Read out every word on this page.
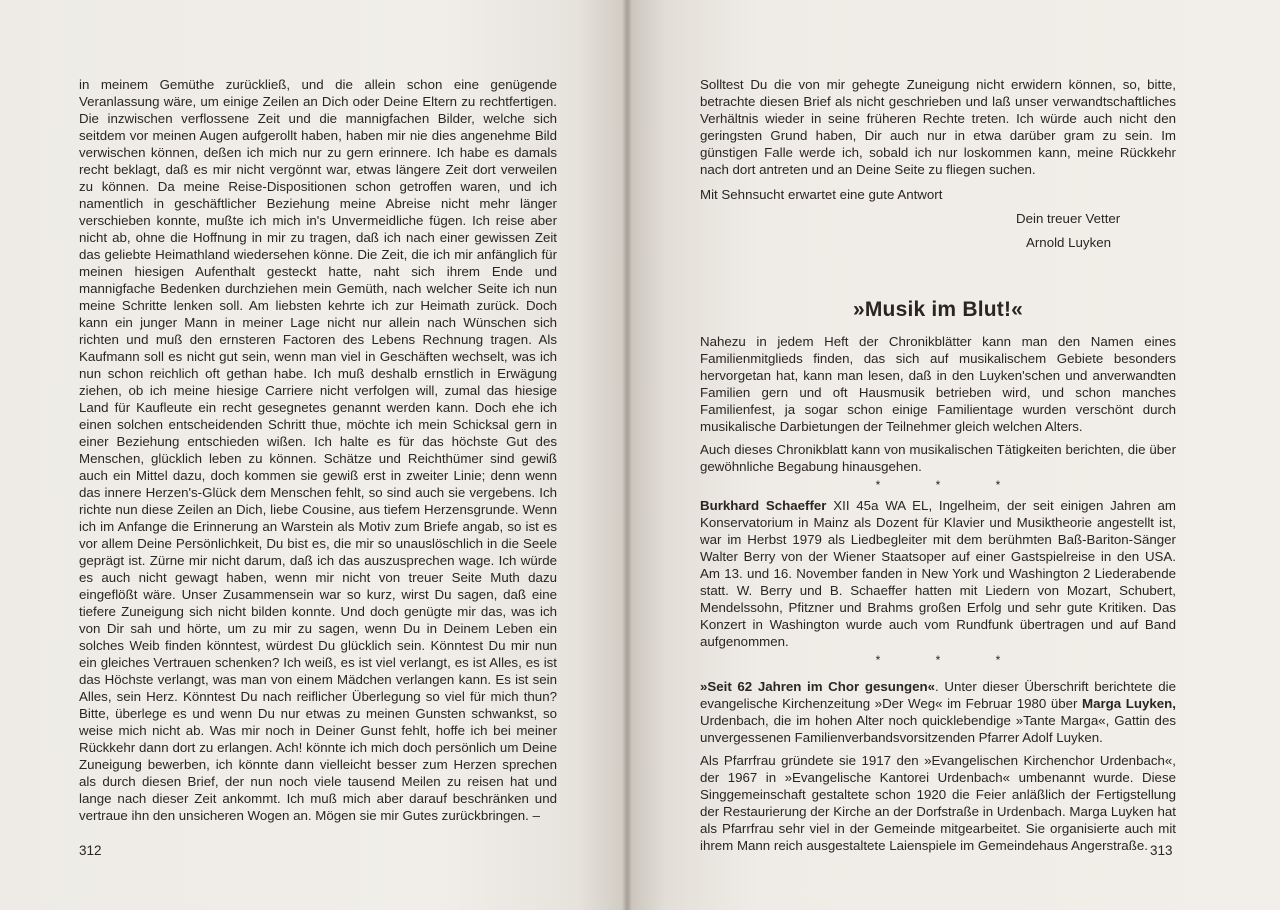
in meinem Gemüthe zurückließ, und die allein schon eine genügende Veranlassung wäre, um einige Zeilen an Dich oder Deine Eltern zu rechtfertigen. Die inzwischen verflossene Zeit und die mannigfachen Bilder, welche sich seitdem vor meinen Augen aufgerollt haben, haben mir nie dies angenehme Bild verwischen können, deßen ich mich nur zu gern erinnere. Ich habe es damals recht beklagt, daß es mir nicht vergönnt war, etwas längere Zeit dort verweilen zu können. Da meine Reise-Dispositionen schon getroffen waren, und ich namentlich in geschäftlicher Beziehung meine Abreise nicht mehr länger verschieben konnte, mußte ich mich in's Unvermeidliche fügen. Ich reise aber nicht ab, ohne die Hoffnung in mir zu tragen, daß ich nach einer gewissen Zeit das geliebte Heimathland wiedersehen könne. Die Zeit, die ich mir anfänglich für meinen hiesigen Aufenthalt gesteckt hatte, naht sich ihrem Ende und mannigfache Bedenken durchziehen mein Gemüth, nach welcher Seite ich nun meine Schritte lenken soll. Am liebsten kehrte ich zur Heimath zurück. Doch kann ein junger Mann in meiner Lage nicht nur allein nach Wünschen sich richten und muß den ernsteren Factoren des Lebens Rechnung tragen. Als Kaufmann soll es nicht gut sein, wenn man viel in Geschäften wechselt, was ich nun schon reichlich oft gethan habe. Ich muß deshalb ernstlich in Erwägung ziehen, ob ich meine hiesige Carriere nicht verfolgen will, zumal das hiesige Land für Kaufleute ein recht gesegnetes genannt werden kann. Doch ehe ich einen solchen entscheidenden Schritt thue, möchte ich mein Schicksal gern in einer Beziehung entschieden wißen. Ich halte es für das höchste Gut des Menschen, glücklich leben zu können. Schätze und Reichthümer sind gewiß auch ein Mittel dazu, doch kommen sie gewiß erst in zweiter Linie; denn wenn das innere Herzen's-Glück dem Menschen fehlt, so sind auch sie vergebens. Ich richte nun diese Zeilen an Dich, liebe Cousine, aus tiefem Herzensgrunde. Wenn ich im Anfange die Erinnerung an Warstein als Motiv zum Briefe angab, so ist es vor allem Deine Persönlichkeit, Du bist es, die mir so unauslöschlich in die Seele geprägt ist. Zürne mir nicht darum, daß ich das auszusprechen wage. Ich würde es auch nicht gewagt haben, wenn mir nicht von treuer Seite Muth dazu eingeflößt wäre. Unser Zusammensein war so kurz, wirst Du sagen, daß eine tiefere Zuneigung sich nicht bilden konnte. Und doch genügte mir das, was ich von Dir sah und hörte, um zu mir zu sagen, wenn Du in Deinem Leben ein solches Weib finden könntest, würdest Du glücklich sein. Könntest Du mir nun ein gleiches Vertrauen schenken? Ich weiß, es ist viel verlangt, es ist Alles, es ist das Höchste verlangt, was man von einem Mädchen verlangen kann. Es ist sein Alles, sein Herz. Könntest Du nach reiflicher Überlegung so viel für mich thun? Bitte, überlege es und wenn Du nur etwas zu meinen Gunsten schwankst, so weise mich nicht ab. Was mir noch in Deiner Gunst fehlt, hoffe ich bei meiner Rückkehr dann dort zu erlangen. Ach! könnte ich mich doch persönlich um Deine Zuneigung bewerben, ich könnte dann vielleicht besser zum Herzen sprechen als durch diesen Brief, der nun noch viele tausend Meilen zu reisen hat und lange nach dieser Zeit ankommt. Ich muß mich aber darauf beschränken und vertraue ihn den unsicheren Wogen an. Mögen sie mir Gutes zurückbringen. –

312

Solltest Du die von mir gehegte Zuneigung nicht erwidern können, so, bitte, betrachte diesen Brief als nicht geschrieben und laß unser verwandtschaftliches Verhältnis wieder in seine früheren Rechte treten. Ich würde auch nicht den geringsten Grund haben, Dir auch nur in etwa darüber gram zu sein. Im günstigen Falle werde ich, sobald ich nur loskommen kann, meine Rückkehr nach dort antreten und an Deine Seite zu fliegen suchen.

Mit Sehnsucht erwartet eine gute Antwort

Dein treuer Vetter

Arnold Luyken

»Musik im Blut!«

Nahezu in jedem Heft der Chronikblätter kann man den Namen eines Familienmitglieds finden, das sich auf musikalischem Gebiete besonders hervorgetan hat, kann man lesen, daß in den Luyken'schen und anverwandten Familien gern und oft Hausmusik betrieben wird, und schon manches Familienfest, ja sogar schon einige Familientage wurden verschönt durch musikalische Darbietungen der Teilnehmer gleich welchen Alters.

Auch dieses Chronikblatt kann von musikalischen Tätigkeiten berichten, die über gewöhnliche Begabung hinausgehen.

* * *

Burkhard Schaeffer XII 45a WA EL, Ingelheim, der seit einigen Jahren am Konservatorium in Mainz als Dozent für Klavier und Musiktheorie angestellt ist, war im Herbst 1979 als Liedbegleiter mit dem berühmten Baß-Bariton-Sänger Walter Berry von der Wiener Staatsoper auf einer Gastspielreise in den USA. Am 13. und 16. November fanden in New York und Washington 2 Liederabende statt. W. Berry und B. Schaeffer hatten mit Liedern von Mozart, Schubert, Mendelssohn, Pfitzner und Brahms großen Erfolg und sehr gute Kritiken. Das Konzert in Washington wurde auch vom Rundfunk übertragen und auf Band aufgenommen.

* * *

»Seit 62 Jahren im Chor gesungen«. Unter dieser Überschrift berichtete die evangelische Kirchenzeitung »Der Weg« im Februar 1980 über Marga Luyken, Urdenbach, die im hohen Alter noch quicklebendige »Tante Marga«, Gattin des unvergessenen Familienverbandsvorsitzenden Pfarrer Adolf Luyken.

Als Pfarrfrau gründete sie 1917 den »Evangelischen Kirchenchor Urdenbach«, der 1967 in »Evangelische Kantorei Urdenbach« umbenannt wurde. Diese Singgemeinschaft gestaltete schon 1920 die Feier anläßlich der Fertigstellung der Restaurierung der Kirche an der Dorfstraße in Urdenbach. Marga Luyken hat als Pfarrfrau sehr viel in der Gemeinde mitgearbeitet. Sie organisierte auch mit ihrem Mann reich ausgestaltete Laienspiele im Gemeindehaus Angerstraße. 313
